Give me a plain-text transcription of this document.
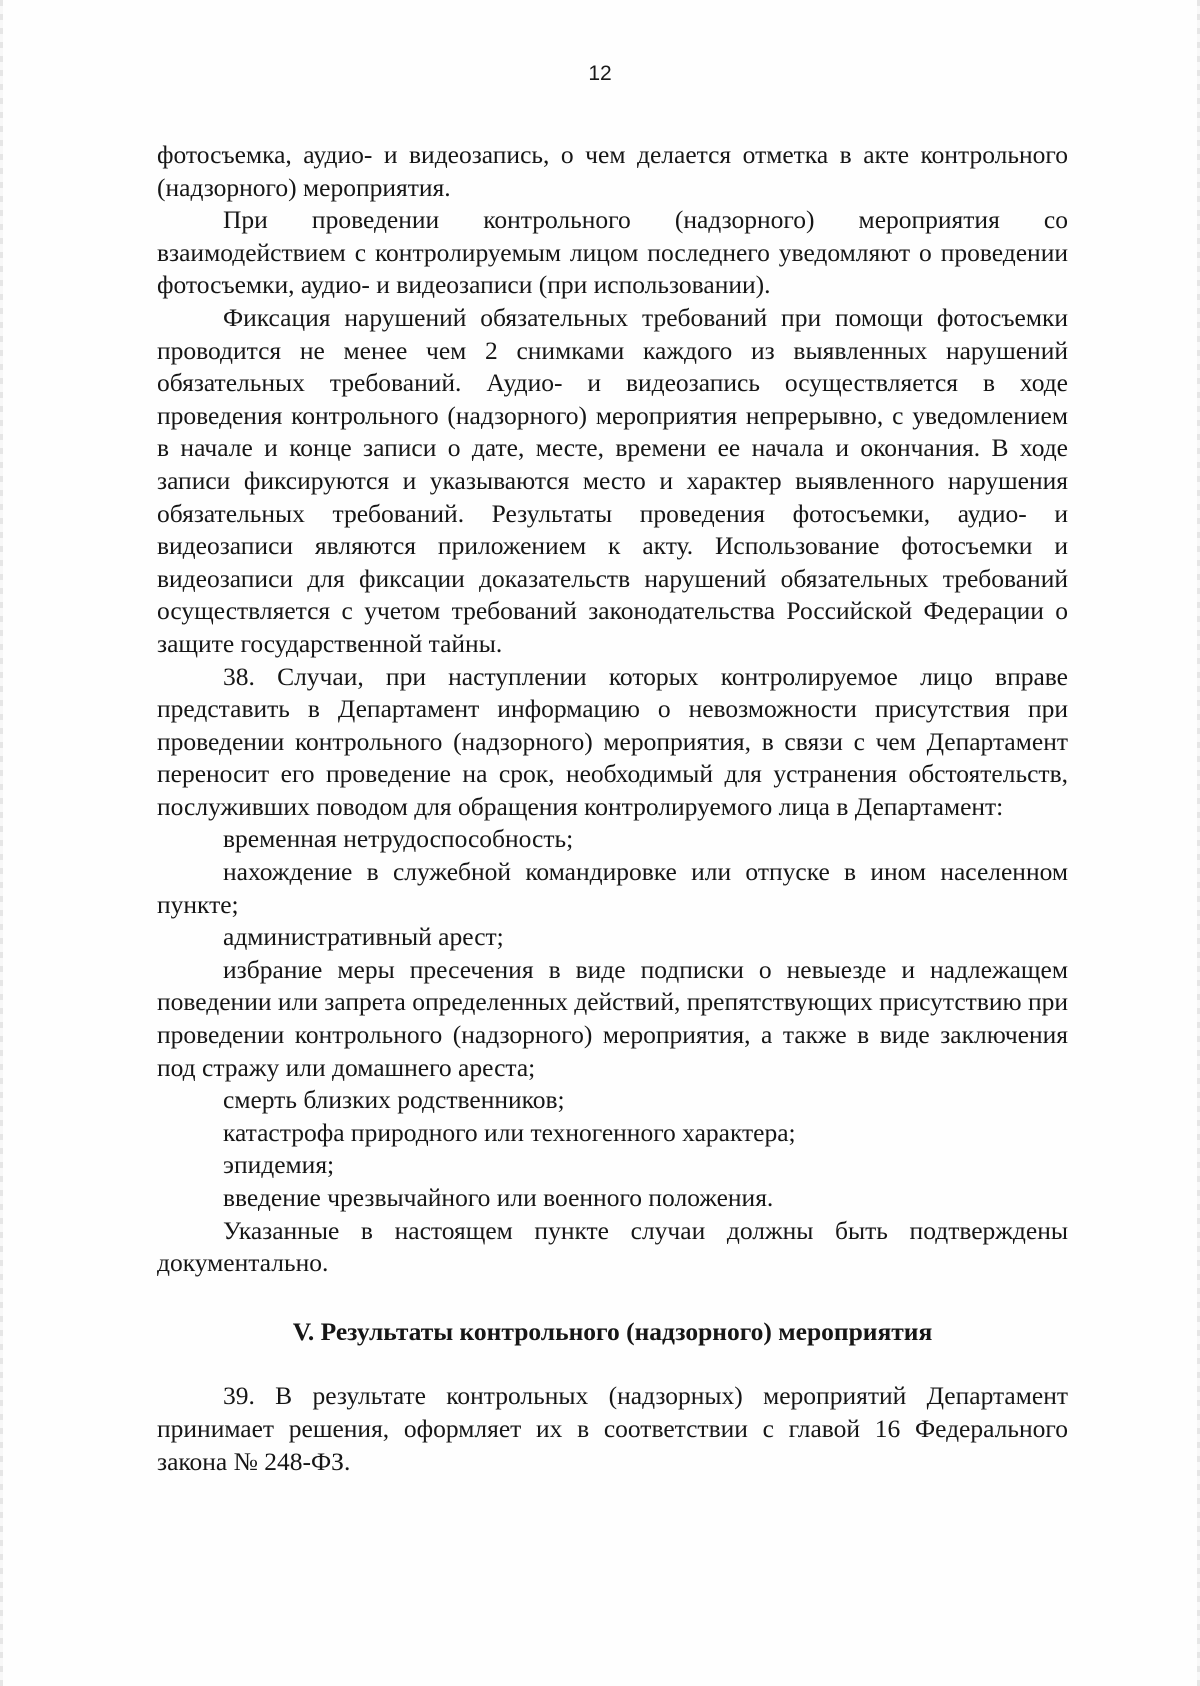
12

фотосъемка, аудио- и видеозапись, о чем делается отметка в акте контрольного (надзорного) мероприятия.

При проведении контрольного (надзорного) мероприятия со взаимодействием с контролируемым лицом последнего уведомляют о проведении фотосъемки, аудио- и видеозаписи (при использовании).

Фиксация нарушений обязательных требований при помощи фотосъемки проводится не менее чем 2 снимками каждого из выявленных нарушений обязательных требований. Аудио- и видеозапись осуществляется в ходе проведения контрольного (надзорного) мероприятия непрерывно, с уведомлением в начале и конце записи о дате, месте, времени ее начала и окончания. В ходе записи фиксируются и указываются место и характер выявленного нарушения обязательных требований. Результаты проведения фотосъемки, аудио- и видеозаписи являются приложением к акту. Использование фотосъемки и видеозаписи для фиксации доказательств нарушений обязательных требований осуществляется с учетом требований законодательства Российской Федерации о защите государственной тайны.

38. Случаи, при наступлении которых контролируемое лицо вправе представить в Департамент информацию о невозможности присутствия при проведении контрольного (надзорного) мероприятия, в связи с чем Департамент переносит его проведение на срок, необходимый для устранения обстоятельств, послуживших поводом для обращения контролируемого лица в Департамент:

временная нетрудоспособность;

нахождение в служебной командировке или отпуске в ином населенном пункте;

административный арест;

избрание меры пресечения в виде подписки о невыезде и надлежащем поведении или запрета определенных действий, препятствующих присутствию при проведении контрольного (надзорного) мероприятия, а также в виде заключения под стражу или домашнего ареста;

смерть близких родственников;

катастрофа природного или техногенного характера;

эпидемия;

введение чрезвычайного или военного положения.

Указанные в настоящем пункте случаи должны быть подтверждены документально.

V. Результаты контрольного (надзорного) мероприятия

39. В результате контрольных (надзорных) мероприятий Департамент принимает решения, оформляет их в соответствии с главой 16 Федерального закона № 248-ФЗ.
